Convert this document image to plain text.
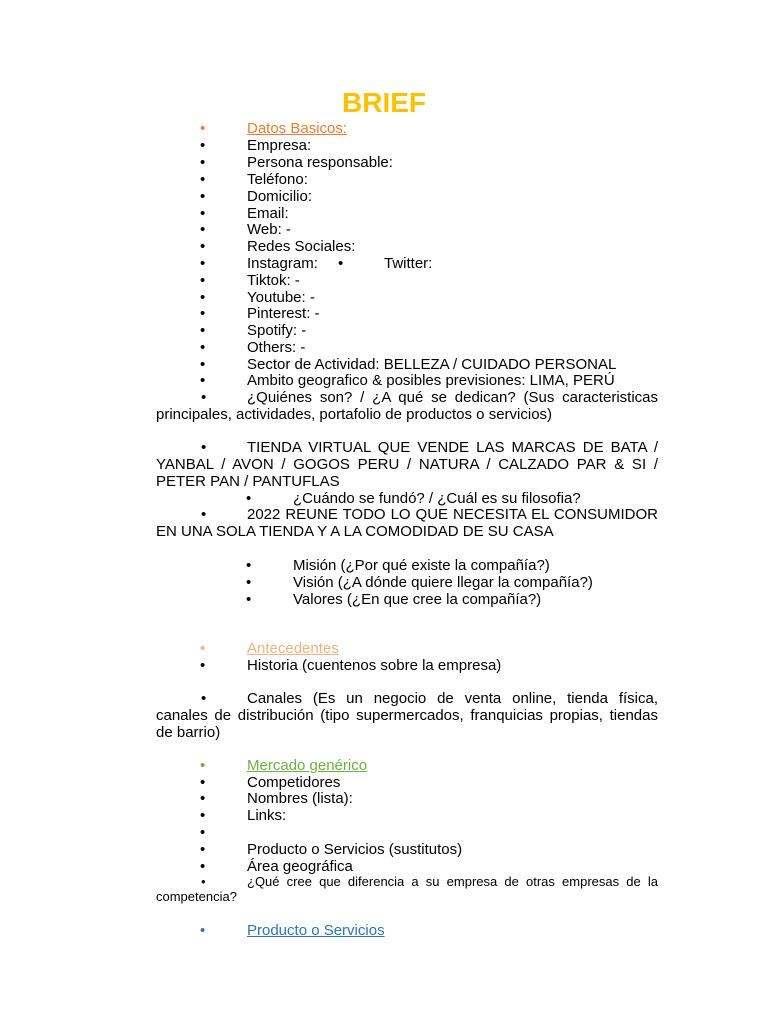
BRIEF
•	Datos Basicos:
•	Empresa:
•	Persona responsable:
•	Teléfono:
•	Domicilio:
•	Email:
•	Web: -
•	Redes Sociales:
•	Instagram: •	Twitter:
•	Tiktok: -
•	Youtube: -
•	Pinterest: -
•	Spotify: -
•	Others: -
•	Sector de Actividad: BELLEZA / CUIDADO PERSONAL
•	Ambito geografico & posibles previsiones: LIMA, PERÚ
•	¿Quiénes son? / ¿A qué se dedican? (Sus caracteristicas principales, actividades, portafolio de productos o servicios)
•	TIENDA VIRTUAL QUE VENDE LAS MARCAS DE BATA / YANBAL / AVON / GOGOS PERU / NATURA / CALZADO PAR & SI / PETER PAN / PANTUFLAS
•	¿Cuándo se fundó? / ¿Cuál es su filosofia?
•	2022 REUNE TODO LO QUE NECESITA EL CONSUMIDOR EN UNA SOLA TIENDA Y A LA COMODIDAD DE SU CASA
•	Misión (¿Por qué existe la compañía?)
•	Visión (¿A dónde quiere llegar la compañía?)
•	Valores (¿En que cree la compañía?)
•	Antecedentes
•	Historia (cuentenos sobre la empresa)
•	Canales (Es un negocio de venta online, tienda física, canales de distribución (tipo supermercados, franquicias propias, tiendas de barrio)
•	Mercado genérico
•	Competidores
•	Nombres (lista):
•	Links:
•
•	Producto o Servicios (sustitutos)
•	Área geográfica
•	¿Qué cree que diferencia a su empresa de otras empresas de la competencia?
•	Producto o Servicios
